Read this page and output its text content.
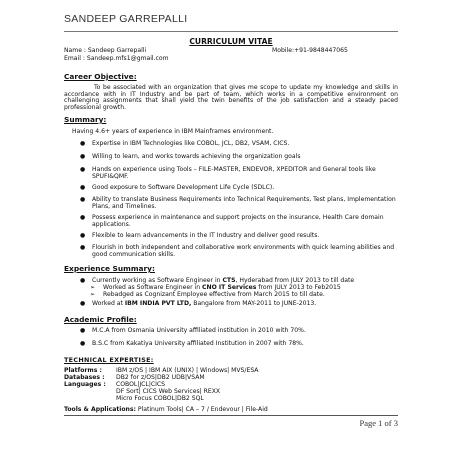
SANDEEP GARREPALLI
CURRICULUM VITAE
Name : Sandeep Garrepalli	Mobile:+91-9848447065
Email : Sandeep.mfs1@gmail.com
Career Objective:
To be associated with an organization that gives me scope to update my knowledge and skills in accordance with in IT Industry and be part of team, which works in a competitive environment on challenging assignments that shall yield the twin benefits of the job satisfaction and a steady paced professional growth.
Summary:
Having 4.6+ years of experience in IBM Mainframes environment.
● Expertise in IBM Technologies like COBOL, JCL, DB2, VSAM, CICS.
● Willing to learn, and works towards achieving the organization goals
● Hands on experience using Tools – FILE-MASTER, ENDEVOR, XPEDITOR and General tools like SPUFI&QMF.
● Good exposure to Software Development Life Cycle (SDLC).
● Ability to translate Business Requirements into Technical Requirements, Test plans, Implementation Plans, and Timelines.
● Possess experience in maintenance and support projects on the insurance, Health Care domain applications.
● Flexible to learn advancements in the IT Industry and deliver good results.
● Flourish in both independent and collaborative work environments with quick learning abilities and good communication skills.
Experience Summary:
● Currently working as Software Engineer in CTS, Hyderabad from JULY 2013 to till date
➢ Worked as Software Engineer in CNO IT Services from JULY 2013 to Feb2015
➢ Rebadged as Cognizant Employee effective from March 2015 to till date.
● Worked at IBM INDIA PVT LTD, Bangalore from MAY-2011 to JUNE-2013.
Academic Profile:
● M.C.A from Osmania University affiliated institution in 2010 with 70%.
● B.S.C from Kakatiya University affiliated Institution in 2007 with 78%.
TECHNICAL EXPERTISE:
Platforms : IBM z/OS | IBM AIX (UNIX) | Windows| MVS/ESA
Databases : DB2 for z/OS|DB2 UDB|VSAM
Languages : COBOL|JCL|CICS
DF Sort| CICS Web Services| REXX
Micro Focus COBOL|DB2 SQL
Tools & Applications: Platinum Tools| CA – 7 / Endevour | File-Aid
Page 1 of 3
